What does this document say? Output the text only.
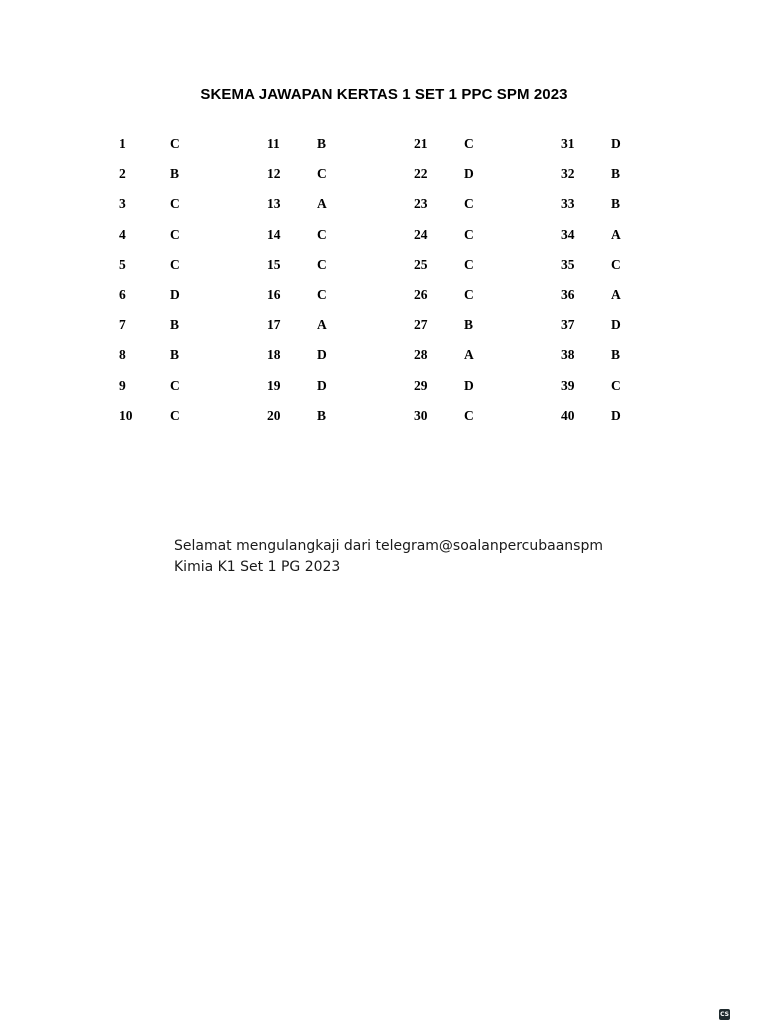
SKEMA JAWAPAN KERTAS 1 SET 1 PPC SPM 2023
1	C
2	B
3	C
4	C
5	C
6	D
7	B
8	B
9	C
10	C
11	B
12	C
13	A
14	C
15	C
16	C
17	A
18	D
19	D
20	B
21	C
22	D
23	C
24	C
25	C
26	C
27	B
28	A
29	D
30	C
31	D
32	B
33	B
34	A
35	C
36	A
37	D
38	B
39	C
40	D
Selamat mengulangkaji dari telegram@soalanpercubaanspm
Kimia K1 Set 1 PG 2023
CS
